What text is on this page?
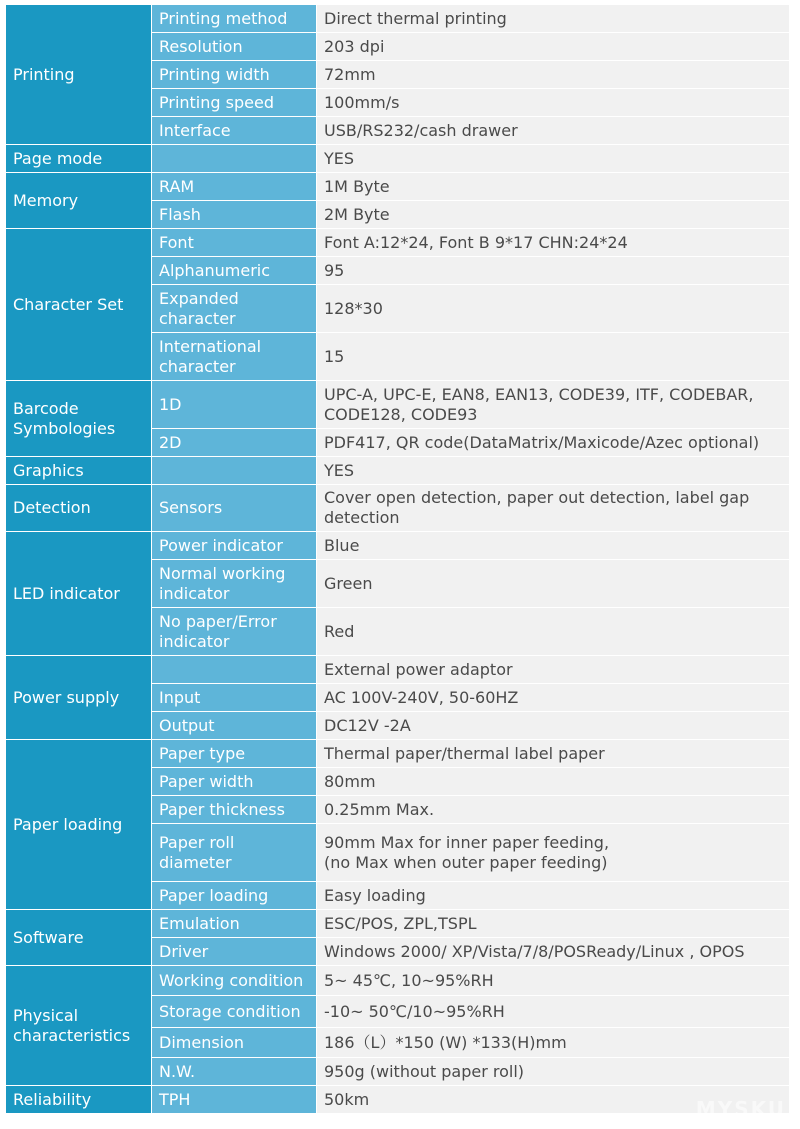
Printing	Printing method	Direct thermal printing

	Resolution	203 dpi

	Printing width	72mm

	Printing speed	100mm/s

	Interface	USB/RS232/cash drawer

Page mode		YES

Memory	RAM	1M Byte

	Flash	2M Byte

Character Set	Font	Font A:12*24, Font B 9*17 CHN:24*24

	Alphanumeric	95

	Expanded character	128*30

	International character	15

Barcode Symbologies	1D	UPC-A, UPC-E, EAN8, EAN13, CODE39, ITF, CODEBAR, CODE128, CODE93

	2D	PDF417, QR code(DataMatrix/Maxicode/Azec optional)

Graphics		YES

Detection	Sensors	Cover open detection, paper out detection, label gap detection

LED indicator	Power indicator	Blue

	Normal working indicator	Green

	No paper/Error indicator	Red

Power supply		External power adaptor

	Input	AC 100V-240V, 50-60HZ

	Output	DC12V -2A

Paper loading	Paper type	Thermal paper/thermal label paper

	Paper width	80mm

	Paper thickness	0.25mm Max.

	Paper roll diameter	90mm Max for inner paper feeding,
(no Max when outer paper feeding)

	Paper loading	Easy loading

Software	Emulation	ESC/POS, ZPL,TSPL

	Driver	Windows 2000/ XP/Vista/7/8/POSReady/Linux , OPOS

Physical characteristics	Working condition	5~ 45℃, 10~95%RH

	Storage condition	-10~ 50℃/10~95%RH

	Dimension	186（L）*150 (W) *133(H)mm

	N.W.	950g (without paper roll)

Reliability	TPH	50km	MYSKU
